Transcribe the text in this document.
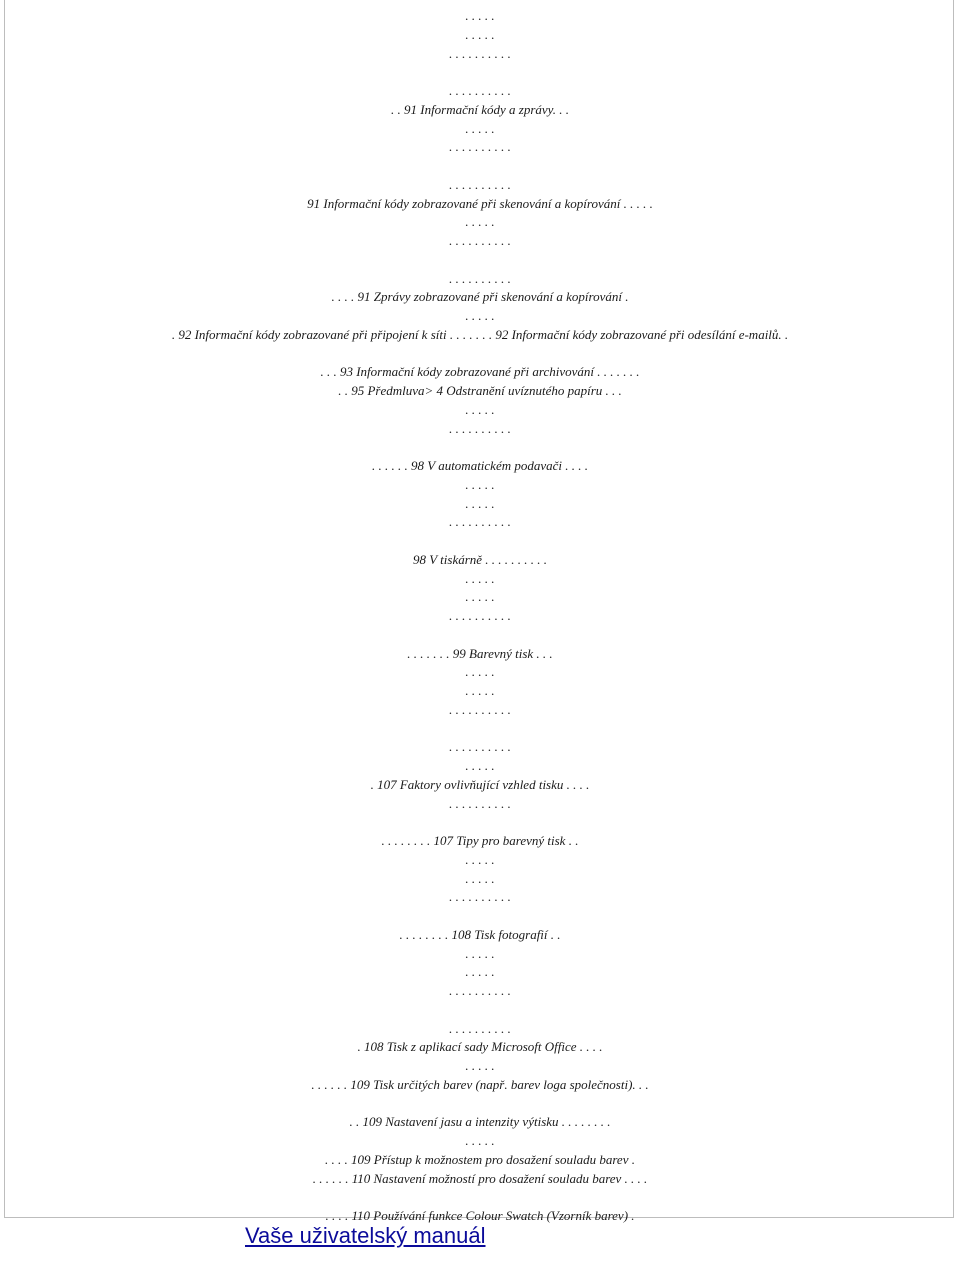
. . . . .
. . . . .
. . . . . . . . . .
. . . . . . . . . .
. . 91 Informační kódy a zprávy. . .
. . . . .
. . . . . . . . . .
. . . . . . . . . .
91 Informační kódy zobrazované při skenování a kopírování . . . . .
. . . . .
. . . . . . . . . .
. . . . . . . . . .
. . . . 91 Zprávy zobrazované při skenování a kopírování .
. . . . .
. 92 Informační kódy zobrazované při připojení k síti . . . . . . . 92 Informační kódy zobrazované při odesílání e-mailů. .
. . . 93 Informační kódy zobrazované při archivování . . . . . . .
. . 95 Předmluva> 4 Odstranění uvíznutého papíru . . .
. . . . .
. . . . . . . . . .
. . . . . . 98 V automatickém podavači . . . .
. . . . .
. . . . .
. . . . . . . . . .
98 V tiskárně . . . . . . . . . .
. . . . .
. . . . .
. . . . . . . . . .
. . . . . . . 99 Barevný tisk . . .
. . . . .
. . . . .
. . . . . . . . . .
. . . . . . . . . .
. . . . .
. 107 Faktory ovlivňující vzhled tisku . . . .
. . . . . . . . . .
. . . . . . . . 107 Tipy pro barevný tisk . .
. . . . .
. . . . .
. . . . . . . . . .
. . . . . . . . 108 Tisk fotografií . .
. . . . .
. . . . .
. . . . . . . . . .
. . . . . . . . . .
. 108 Tisk z aplikací sady Microsoft Office . . . .
. . . . .
. . . . . . 109 Tisk určitých barev (např. barev loga společnosti). . .
. . 109 Nastavení jasu a intenzity výtisku . . . . . . . .
. . . . .
. . . . 109 Přístup k možnostem pro dosažení souladu barev .
. . . . . . 110 Nastavení možností pro dosažení souladu barev . . . .
. . . . 110 Používání funkce Colour Swatch (Vzorník barev) .
Vaše uživatelský manuál
